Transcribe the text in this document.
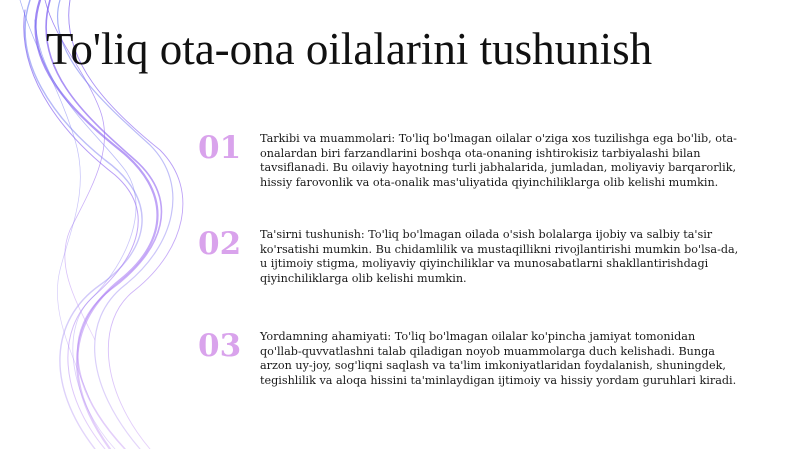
To'liq ota-ona oilalarini tushunish
01	Tarkibi va muammolari: To'liq bo'lmagan oilalar o'ziga xos tuzilishga ega bo'lib, ota-onalardan biri farzandlarini boshqa ota-onaning ishtirokisiz tarbiyalashi bilan tavsiflanadi. Bu oilaviy hayotning turli jabhalarida, jumladan, moliyaviy barqarorlik, hissiy farovonlik va ota-onalik mas'uliyatida qiyinchiliklarga olib kelishi mumkin.
02	Ta'sirni tushunish: To'liq bo'lmagan oilada o'sish bolalarga ijobiy va salbiy ta'sir ko'rsatishi mumkin. Bu chidamlilik va mustaqillikni rivojlantirishi mumkin bo'lsa-da, u ijtimoiy stigma, moliyaviy qiyinchiliklar va munosabatlarni shakllantirishdagi qiyinchiliklarga olib kelishi mumkin.
03	Yordamning ahamiyati: To'liq bo'lmagan oilalar ko'pincha jamiyat tomonidan qo'llab-quvvatlashni talab qiladigan noyob muammolarga duch kelishadi. Bunga arzon uy-joy, sog'liqni saqlash va ta'lim imkoniyatlaridan foydalanish, shuningdek, tegishlilik va aloqa hissini ta'minlaydigan ijtimoiy va hissiy yordam guruhlari kiradi.
